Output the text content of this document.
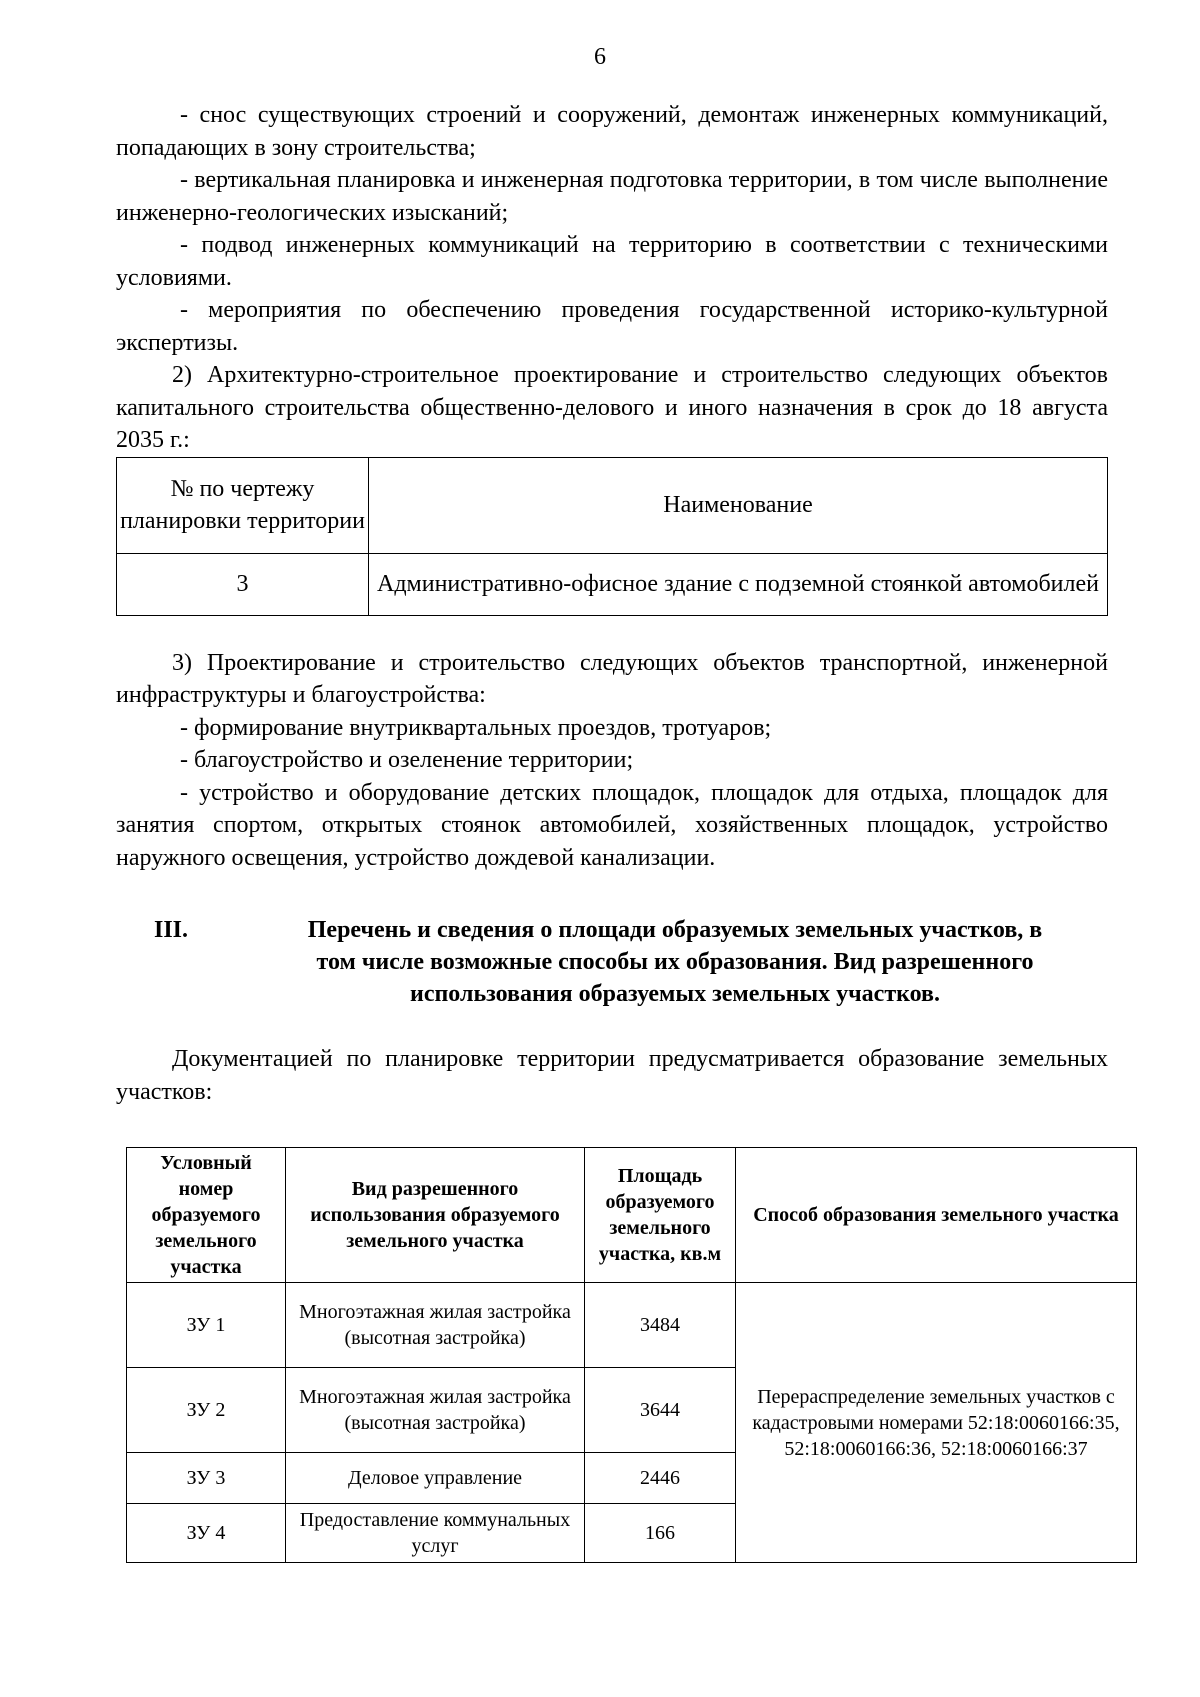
6

- снос существующих строений и сооружений, демонтаж инженерных коммуникаций, попадающих в зону строительства;

- вертикальная планировка и инженерная подготовка территории, в том числе выполнение инженерно-геологических изысканий;

- подвод инженерных коммуникаций на территорию в соответствии с техническими условиями.

- мероприятия по обеспечению проведения государственной историко-культурной экспертизы.

2) Архитектурно-строительное проектирование и строительство следующих объектов капитального строительства общественно-делового и иного назначения в срок до 18 августа 2035 г.:

№ по чертежу планировки территории	Наименование
3	Административно-офисное здание с подземной стоянкой автомобилей

3) Проектирование и строительство следующих объектов транспортной, инженерной инфраструктуры и благоустройства:

- формирование внутриквартальных проездов, тротуаров;

- благоустройство и озеленение территории;

- устройство и оборудование детских площадок, площадок для отдыха, площадок для занятия спортом, открытых стоянок автомобилей, хозяйственных площадок, устройство наружного освещения, устройство дождевой канализации.

III.	Перечень и сведения о площади образуемых земельных участков, в
том числе возможные способы их образования. Вид разрешенного
использования образуемых земельных участков.

Документацией по планировке территории предусматривается образование земельных участков:

Условный номер образуемого земельного участка	Вид разрешенного использования образуемого земельного участка	Площадь образуемого земельного участка, кв.м	Способ образования земельного участка
ЗУ 1	Многоэтажная жилая застройка (высотная застройка)	3484	Перераспределение земельных участков с кадастровыми номерами 52:18:0060166:35, 52:18:0060166:36, 52:18:0060166:37
ЗУ 2	Многоэтажная жилая застройка (высотная застройка)	3644	
ЗУ 3	Деловое управление	2446	
ЗУ 4	Предоставление коммунальных услуг	166	
